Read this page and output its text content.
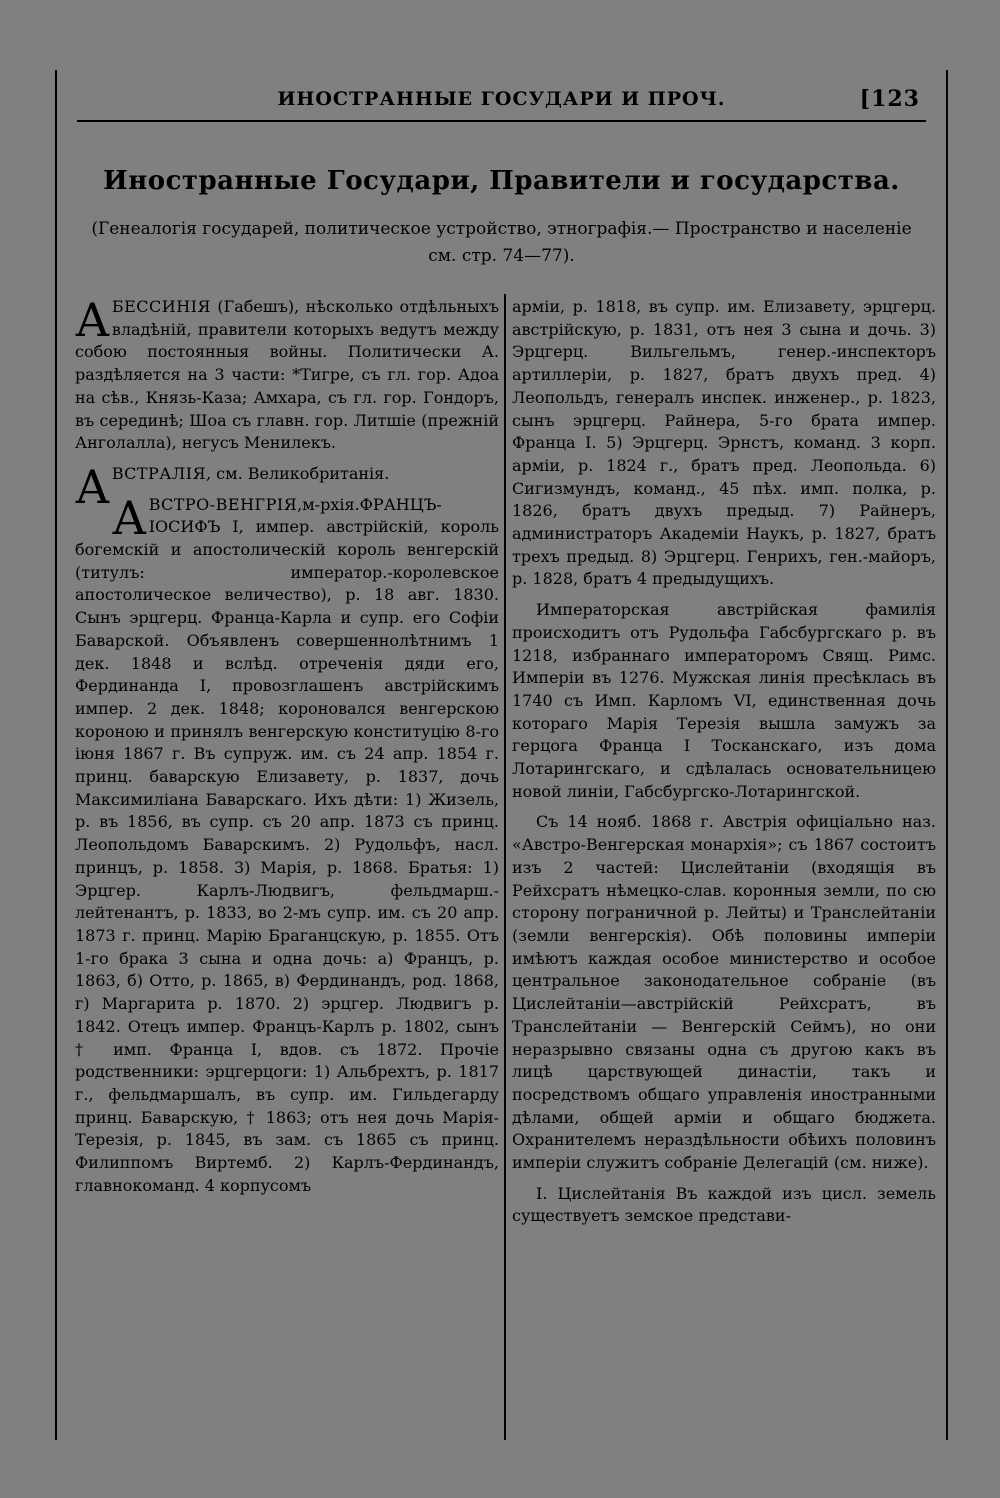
ИНОСТРАННЫЕ ГОСУДАРИ И ПРОЧ.	[123
Иностранные Государи, Правители и государства.
(Генеалогія государей, политическое устройство, этнографія.— Пространство и населеніе см. стр. 74—77).

АБЕССИНІЯ (Габешъ), нѣсколько отдѣльныхъ владѣній, правители которыхъ ведутъ между собою постоянныя войны. Политически А. раздѣляется на 3 части: *Тигре, съ гл. гор. Адоа на сѣв., Князь-Каза; Амхара, съ гл. гор. Гондоръ, въ серединѣ; Шоа съ главн. гор. Литшіе (прежній Анголалла), негусъ Менилекъ.

АВСТРАЛІЯ, см. Великобританія.

АВСТРО-ВЕНГРІЯ,м-рхія.ФРАНЦЪ-ІОСИФЪ I, импер. австрійскій, король богемскій и апостолическій король венгерскій (титулъ: император.-королевское апостолическое величество), р. 18 авг. 1830. Сынъ эрцгерц. Франца-Карла и супр. его Софіи Баварской. Объявленъ совершеннолѣтнимъ 1 дек. 1848 и вслѣд. отреченія дяди его, Фердинанда I, провозглашенъ австрійскимъ импер. 2 дек. 1848; короновался венгерскою короною и принялъ венгерскую конституцію 8-го іюня 1867 г. Въ супруж. им. съ 24 апр. 1854 г. принц. баварскую Елизавету, р. 1837, дочь Максимиліана Баварскаго. Ихъ дѣти: 1) Жизель, р. въ 1856, въ супр. съ 20 апр. 1873 съ принц. Леопольдомъ Баварскимъ. 2) Рудольфъ, насл. принцъ, р. 1858. 3) Марія, р. 1868. Братья: 1) Эрцгер. Карлъ-Людвигъ, фельдмарш.-лейтенантъ, р. 1833, во 2-мъ супр. им. съ 20 апр. 1873 г. принц. Марію Браганцскую, р. 1855. Отъ 1-го брака 3 сына и одна дочь: а) Францъ, р. 1863, б) Отто, р. 1865, в) Фердинандъ, род. 1868, г) Маргарита р. 1870. 2) эрцгер. Людвигъ р. 1842. Отецъ импер. Францъ-Карлъ р. 1802, сынъ † имп. Франца I, вдов. съ 1872. Прочіе родственники: эрцгерцоги: 1) Альбрехтъ, р. 1817 г., фельдмаршалъ, въ супр. им. Гильдегарду принц. Баварскую, † 1863; отъ нея дочь Марія-Терезія, р. 1845, въ зам. съ 1865 съ принц. Филиппомъ Виртемб. 2) Карлъ-Фердинандъ, главнокоманд. 4 корпусомъ

арміи, р. 1818, въ супр. им. Елизавету, эрцгерц. австрійскую, р. 1831, отъ нея 3 сына и дочь. 3) Эрцгерц. Вильгельмъ, генер.-инспекторъ артиллеріи, р. 1827, братъ двухъ пред. 4) Леопольдъ, генералъ инспек. инженер., р. 1823, сынъ эрцгерц. Райнера, 5-го брата импер. Франца I. 5) Эрцгерц. Эрнстъ, команд. 3 корп. арміи, р. 1824 г., братъ пред. Леопольда. 6) Сигизмундъ, команд., 45 пѣх. имп. полка, р. 1826, братъ двухъ предыд. 7) Райнеръ, администраторъ Академіи Наукъ, р. 1827, братъ трехъ предыд. 8) Эрцгерц. Генрихъ, ген.-майоръ, р. 1828, братъ 4 предыдущихъ.

Императорская австрійская фамилія происходитъ отъ Рудольфа Габсбургскаго р. въ 1218, избраннаго императоромъ Свящ. Римс. Имперіи въ 1276. Мужская линія пресѣклась въ 1740 съ Имп. Карломъ VI, единственная дочь котораго Марія Терезія вышла замужъ за герцога Франца I Тосканскаго, изъ дома Лотарингскаго, и сдѣлалась основательницею новой линіи, Габсбургско-Лотарингской.

Съ 14 нояб. 1868 г. Австрія офиціально наз. «Австро-Венгерская монархія»; съ 1867 состоитъ изъ 2 частей: Цислейтаніи (входящія въ Рейхсратъ нѣмецко-слав. коронныя земли, по сю сторону пограничной р. Лейты) и Транслейтаніи (земли венгерскія). Обѣ половины имперіи имѣютъ каждая особое министерство и особое центральное законодательное собраніе (въ Цислейтаніи—австрійскій Рейхсратъ, въ Транслейтаніи — Венгерскій Сеймъ), но они неразрывно связаны одна съ другою какъ въ лицѣ царствующей династіи, такъ и посредствомъ общаго управленія иностранными дѣлами, общей арміи и общаго бюджета. Охранителемъ нераздѣльности обѣихъ половинъ имперіи служитъ собраніе Делегацій (см. ниже).

I. Цислейтанія Въ каждой изъ цисл. земель существуетъ земское представи-
